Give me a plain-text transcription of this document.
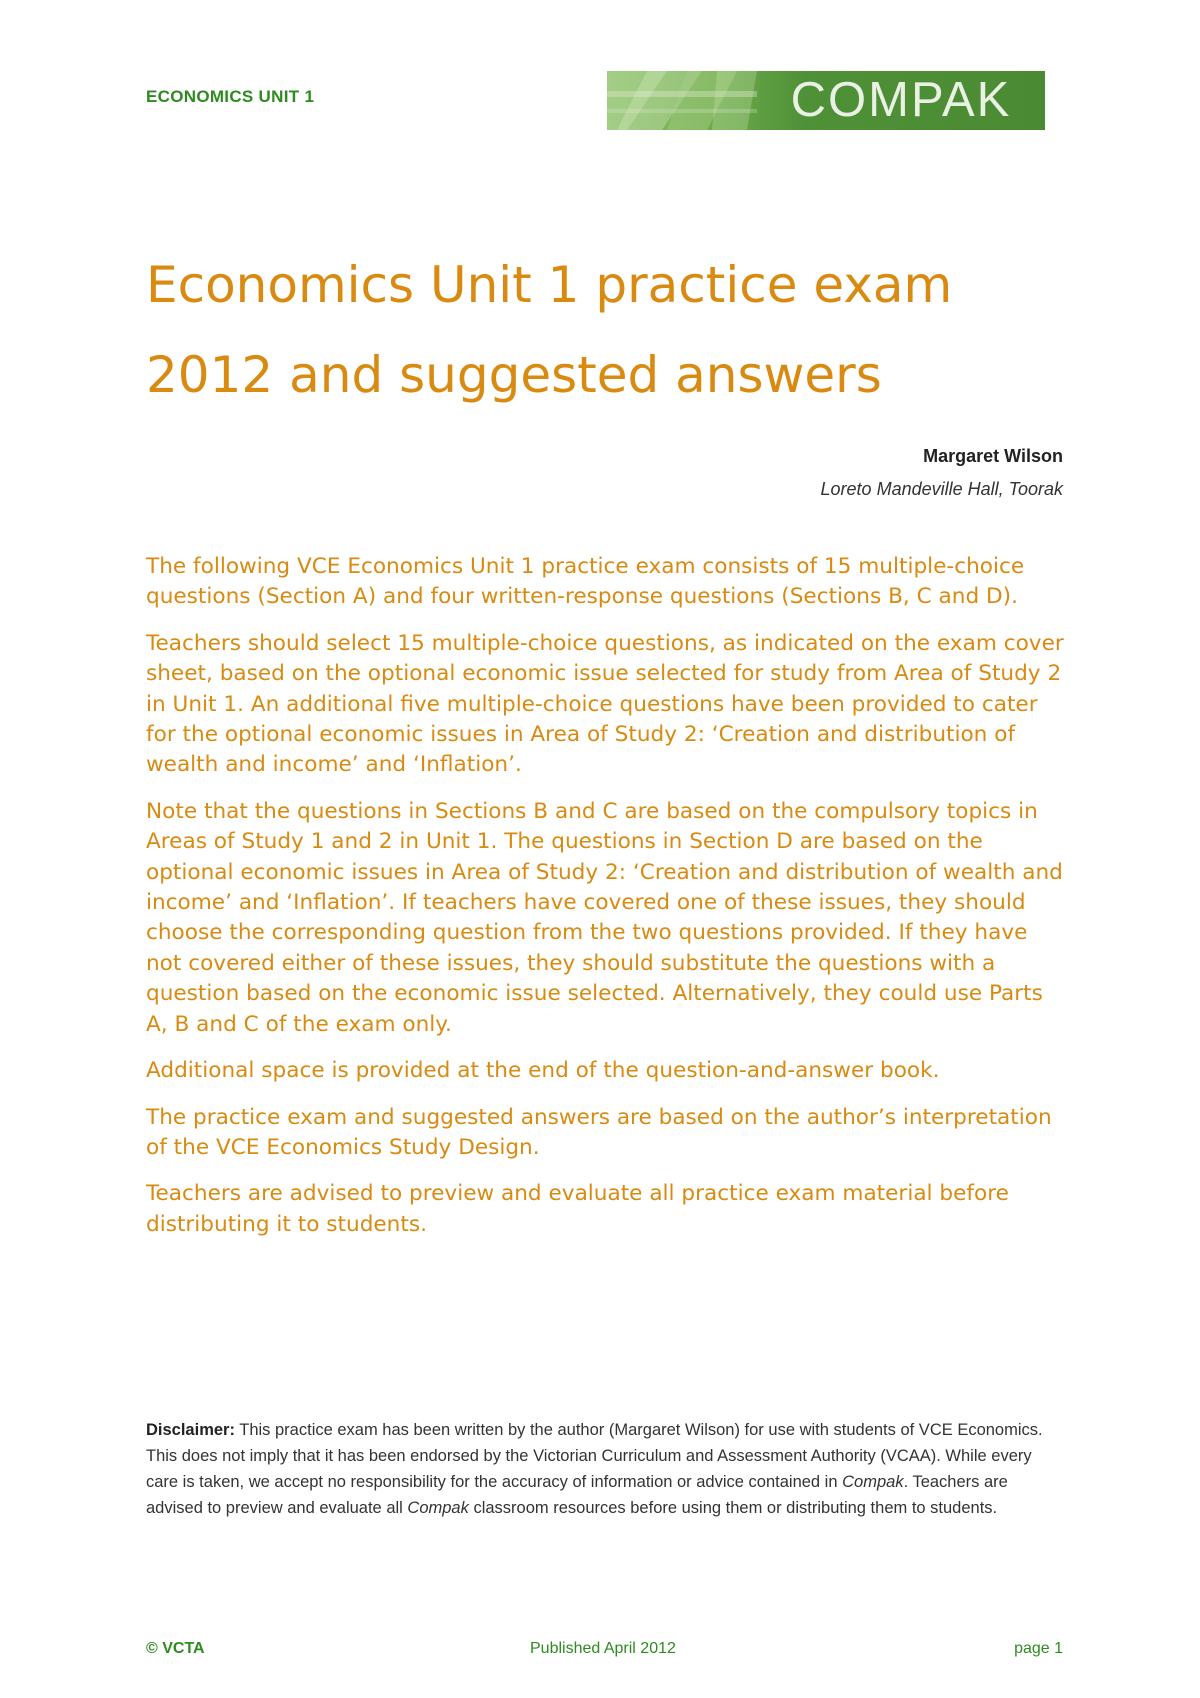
ECONOMICS UNIT 1	COMPAK
Economics Unit 1 practice exam
2012 and suggested answers
Margaret Wilson
Loreto Mandeville Hall, Toorak

The following VCE Economics Unit 1 practice exam consists of 15 multiple-choice questions (Section A) and four written-response questions (Sections B, C and D).

Teachers should select 15 multiple-choice questions, as indicated on the exam cover sheet, based on the optional economic issue selected for study from Area of Study 2 in Unit 1. An additional five multiple-choice questions have been provided to cater for the optional economic issues in Area of Study 2: ‘Creation and distribution of wealth and income’ and ‘Inflation’.

Note that the questions in Sections B and C are based on the compulsory topics in Areas of Study 1 and 2 in Unit 1. The questions in Section D are based on the optional economic issues in Area of Study 2: ‘Creation and distribution of wealth and income’ and ‘Inflation’. If teachers have covered one of these issues, they should choose the corresponding question from the two questions provided. If they have not covered either of these issues, they should substitute the questions with a question based on the economic issue selected. Alternatively, they could use Parts A, B and C of the exam only.

Additional space is provided at the end of the question-and-answer book.

The practice exam and suggested answers are based on the author’s interpretation of the VCE Economics Study Design.

Teachers are advised to preview and evaluate all practice exam material before distributing it to students.

Disclaimer: This practice exam has been written by the author (Margaret Wilson) for use with students of VCE Economics. This does not imply that it has been endorsed by the Victorian Curriculum and Assessment Authority (VCAA). While every care is taken, we accept no responsibility for the accuracy of information or advice contained in Compak. Teachers are advised to preview and evaluate all Compak classroom resources before using them or distributing them to students.
© VCTA	Published April 2012	page 1
